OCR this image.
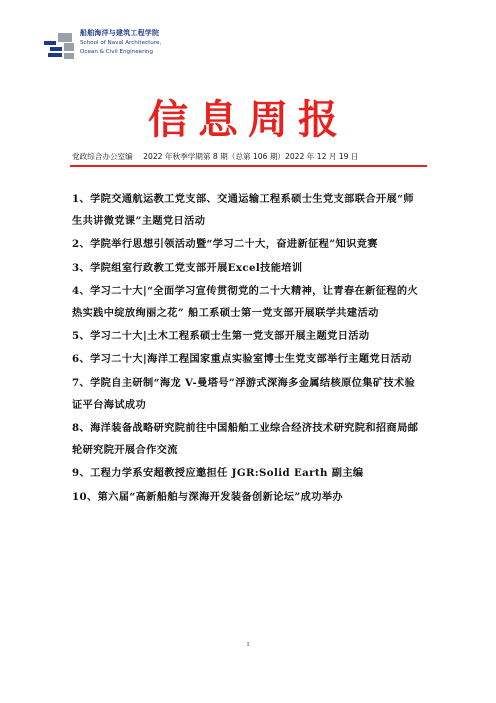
船舶海洋与建筑工程学院
School of Naval Architecture,
Ocean & Civil Engineering
信息周报
党政综合办公室编 2022 年秋季学期第 8 期（总第 106 期）2022 年 12 月 19 日
1、学院交通航运教工党支部、交通运输工程系硕士生党支部联合开展“师生共讲微党课”主题党日活动
2、学院举行思想引领活动暨“学习二十大，奋进新征程”知识竞赛
3、学院组室行政教工党支部开展Excel技能培训
4、学习二十大|“全面学习宣传贯彻党的二十大精神，让青春在新征程的火热实践中绽放绚丽之花” 船工系硕士第一党支部开展联学共建活动
5、学习二十大|土木工程系硕士生第一党支部开展主题党日活动
6、学习二十大|海洋工程国家重点实验室博士生党支部举行主题党日活动
7、学院自主研制“海龙 V-曼塔号”浮游式深海多金属结核原位集矿技术验证平台海试成功
8、海洋装备战略研究院前往中国船舶工业综合经济技术研究院和招商局邮轮研究院开展合作交流
9、工程力学系安超教授应邀担任 JGR:Solid Earth 副主编
10、第六届“高新船舶与深海开发装备创新论坛”成功举办
1
